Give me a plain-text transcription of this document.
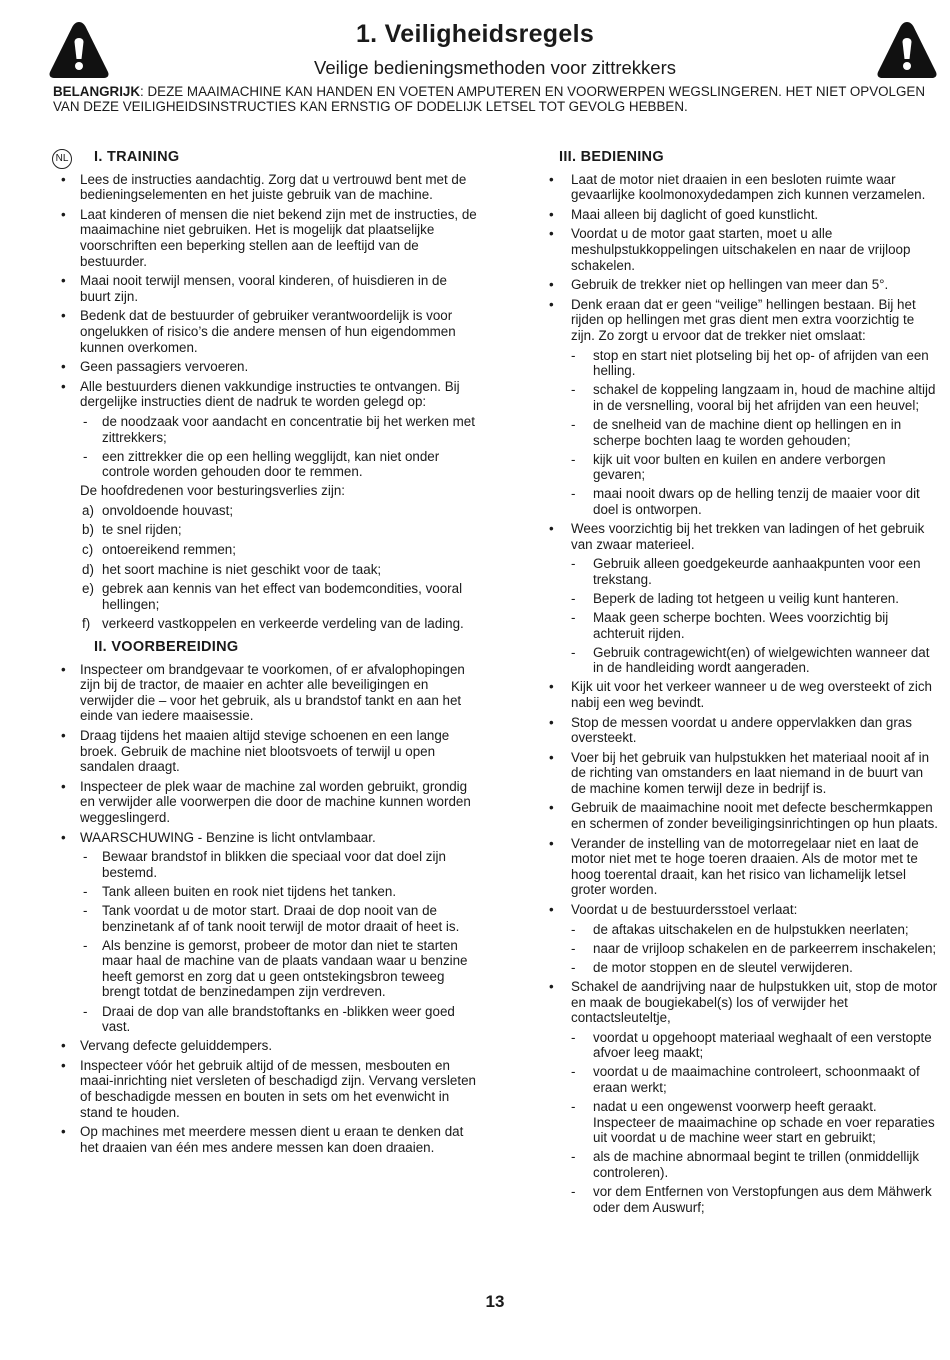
1. Veiligheidsregels
Veilige bedieningsmethoden voor zittrekkers
BELANGRIJK: DEZE MAAIMACHINE KAN HANDEN EN VOETEN AMPUTEREN EN VOORWERPEN WEGSLINGEREN. HET NIET OPVOLGEN VAN DEZE VEILIGHEIDSINSTRUCTIES KAN ERNSTIG OF DODELIJK LETSEL TOT GEVOLG HEBBEN.
NL	I. TRAINING
• Lees de instructies aandachtig. Zorg dat u vertrouwd bent met de bedieningselementen en het juiste gebruik van de machine.
• Laat kinderen of mensen die niet bekend zijn met de instructies, de maaimachine niet gebruiken. Het is mogelijk dat plaatselijke voorschriften een beperking stellen aan de leeftijd van de bestuurder.
• Maai nooit terwijl mensen, vooral kinderen, of huisdieren in de buurt zijn.
• Bedenk dat de bestuurder of gebruiker verantwoordelijk is voor ongelukken of risico’s die andere mensen of hun eigendommen kunnen overkomen.
• Geen passagiers vervoeren.
• Alle bestuurders dienen vakkundige instructies te ontvangen. Bij dergelijke instructies dient de nadruk te worden gelegd op:
- de noodzaak voor aandacht en concentratie bij het werken met zittrekkers;
- een zittrekker die op een helling wegglijdt, kan niet onder controle worden gehouden door te remmen.
De hoofdredenen voor besturingsverlies zijn:
a) onvoldoende houvast;
b) te snel rijden;
c) ontoereikend remmen;
d) het soort machine is niet geschikt voor de taak;
e) gebrek aan kennis van het effect van bodemcondities, vooral hellingen;
f) verkeerd vastkoppelen en verkeerde verdeling van de lading.
II. VOORBEREIDING
• Inspecteer om brandgevaar te voorkomen, of er afvalophopingen zijn bij de tractor, de maaier en achter alle beveiligingen en verwijder die – voor het gebruik, als u brandstof tankt en aan het einde van iedere maaisessie.
• Draag tijdens het maaien altijd stevige schoenen en een lange broek. Gebruik de machine niet blootsvoets of terwijl u open sandalen draagt.
• Inspecteer de plek waar de machine zal worden gebruikt, grondig en verwijder alle voorwerpen die door de machine kunnen worden weggeslingerd.
• WAARSCHUWING - Benzine is licht ontvlambaar.
- Bewaar brandstof in blikken die speciaal voor dat doel zijn bestemd.
- Tank alleen buiten en rook niet tijdens het tanken.
- Tank voordat u de motor start. Draai de dop nooit van de benzinetank af of tank nooit terwijl de motor draait of heet is.
- Als benzine is gemorst, probeer de motor dan niet te starten maar haal de machine van de plaats vandaan waar u benzine heeft gemorst en zorg dat u geen ontstekingsbron teweeg brengt totdat de benzinedampen zijn verdreven.
- Draai de dop van alle brandstoftanks en -blikken weer goed vast.
• Vervang defecte geluiddempers.
• Inspecteer vóór het gebruik altijd of de messen, mesbouten en maai-inrichting niet versleten of beschadigd zijn. Vervang versleten of beschadigde messen en bouten in sets om het evenwicht in stand te houden.
• Op machines met meerdere messen dient u eraan te denken dat het draaien van één mes andere messen kan doen draaien.
III. BEDIENING
• Laat de motor niet draaien in een besloten ruimte waar gevaarlijke koolmonoxydedampen zich kunnen verzamelen.
• Maai alleen bij daglicht of goed kunstlicht.
• Voordat u de motor gaat starten, moet u alle meshulpstukkoppelingen uitschakelen en naar de vrijloop schakelen.
• Gebruik de trekker niet op hellingen van meer dan 5°.
• Denk eraan dat er geen “veilige” hellingen bestaan. Bij het rijden op hellingen met gras dient men extra voorzichtig te zijn. Zo zorgt u ervoor dat de trekker niet omslaat:
- stop en start niet plotseling bij het op- of afrijden van een helling.
- schakel de koppeling langzaam in, houd de machine altijd in de versnelling, vooral bij het afrijden van een heuvel;
- de snelheid van de machine dient op hellingen en in scherpe bochten laag te worden gehouden;
- kijk uit voor bulten en kuilen en andere verborgen gevaren;
- maai nooit dwars op de helling tenzij de maaier voor dit doel is ontworpen.
• Wees voorzichtig bij het trekken van ladingen of het gebruik van zwaar materieel.
- Gebruik alleen goedgekeurde aanhaakpunten voor een trekstang.
- Beperk de lading tot hetgeen u veilig kunt hanteren.
- Maak geen scherpe bochten. Wees voorzichtig bij achteruit rijden.
- Gebruik contragewicht(en) of wielgewichten wanneer dat in de handleiding wordt aangeraden.
• Kijk uit voor het verkeer wanneer u de weg oversteekt of zich nabij een weg bevindt.
• Stop de messen voordat u andere oppervlakken dan gras oversteekt.
• Voer bij het gebruik van hulpstukken het materiaal nooit af in de richting van omstanders en laat niemand in de buurt van de machine komen terwijl deze in bedrijf is.
• Gebruik de maaimachine nooit met defecte beschermkappen en schermen of zonder beveiligingsinrichtingen op hun plaats.
• Verander de instelling van de motorregelaar niet en laat de motor niet met te hoge toeren draaien. Als de motor met te hoog toerental draait, kan het risico van lichamelijk letsel groter worden.
• Voordat u de bestuurdersstoel verlaat:
- de aftakas uitschakelen en de hulpstukken neerlaten;
- naar de vrijloop schakelen en de parkeerrem inschakelen;
- de motor stoppen en de sleutel verwijderen.
• Schakel de aandrijving naar de hulpstukken uit, stop de motor en maak de bougiekabel(s) los of verwijder het contactsleuteltje,
- voordat u opgehoopt materiaal weghaalt of een verstopte afvoer leeg maakt;
- voordat u de maaimachine controleert, schoonmaakt of eraan werkt;
- nadat u een ongewenst voorwerp heeft geraakt. Inspecteer de maaimachine op schade en voer reparaties uit voordat u de machine weer start en gebruikt;
- als de machine abnormaal begint te trillen (onmiddellijk controleren).
- vor dem Entfernen von Verstopfungen aus dem Mähwerk oder dem Auswurf;
13
